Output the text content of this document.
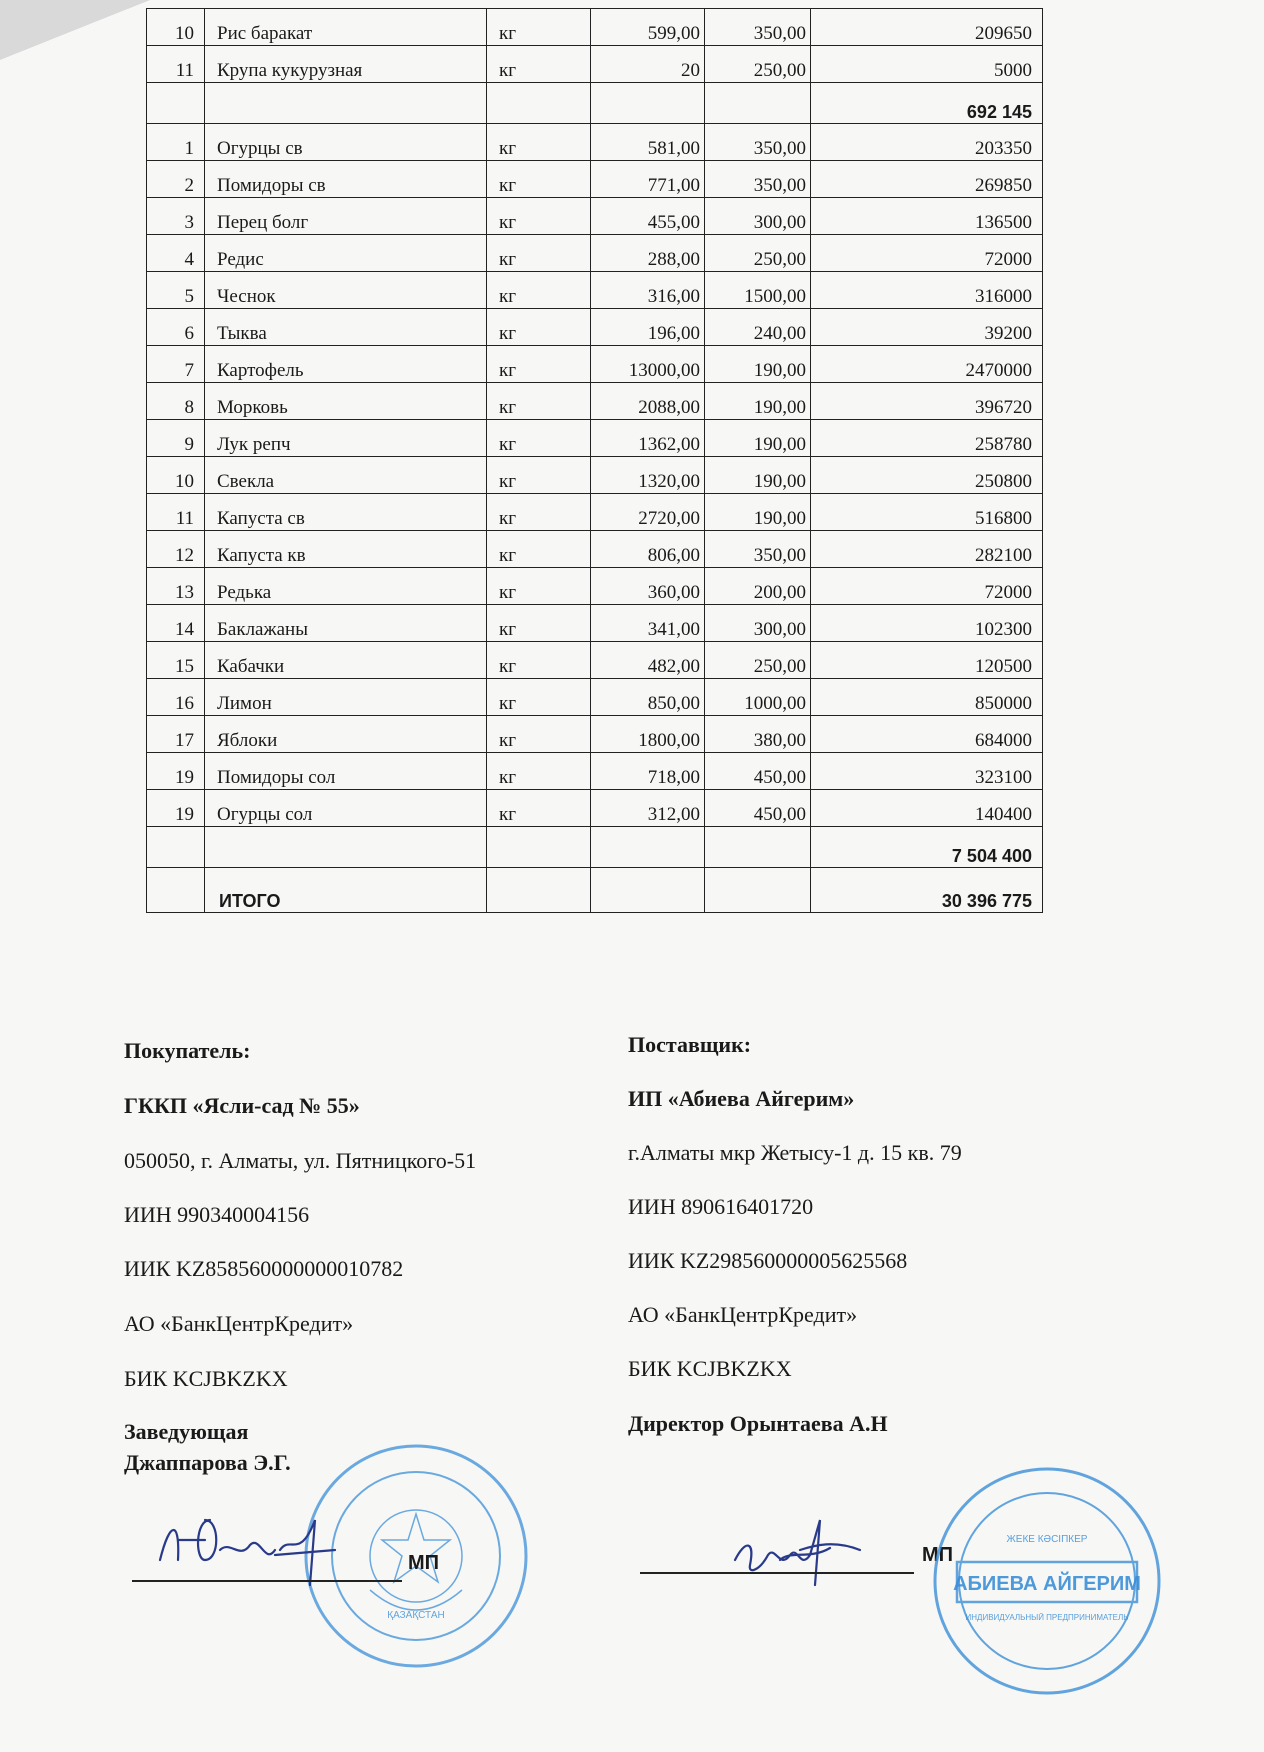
10	Рис баракат	кг	599,00	350,00	209650
11	Крупа кукурузная	кг	20	250,00	5000
					692 145
1	Огурцы св	кг	581,00	350,00	203350
2	Помидоры св	кг	771,00	350,00	269850
3	Перец болг	кг	455,00	300,00	136500
4	Редис	кг	288,00	250,00	72000
5	Чеснок	кг	316,00	1500,00	316000
6	Тыква	кг	196,00	240,00	39200
7	Картофель	кг	13000,00	190,00	2470000
8	Морковь	кг	2088,00	190,00	396720
9	Лук репч	кг	1362,00	190,00	258780
10	Свекла	кг	1320,00	190,00	250800
11	Капуста св	кг	2720,00	190,00	516800
12	Капуста кв	кг	806,00	350,00	282100
13	Редька	кг	360,00	200,00	72000
14	Баклажаны	кг	341,00	300,00	102300
15	Кабачки	кг	482,00	250,00	120500
16	Лимон	кг	850,00	1000,00	850000
17	Яблоки	кг	1800,00	380,00	684000
19	Помидоры сол	кг	718,00	450,00	323100
19	Огурцы сол	кг	312,00	450,00	140400
					7 504 400
	ИТОГО				30 396 775
Покупатель:
ГККП «Ясли-сад № 55»
050050, г. Алматы, ул. Пятницкого-51
ИИН 990340004156
ИИК KZ858560000000010782
АО «БанкЦентрКредит»
БИК KCJBKZKX
Заведующая
Джаппарова Э.Г.
Поставщик:
ИП «Абиева Айгерим»
г.Алматы мкр Жетысу-1 д. 15 кв. 79
ИИН 890616401720
ИИК KZ298560000005625568
АО «БанкЦентрКредит»
БИК KCJBKZKX
Директор Орынтаева А.Н
ҚАЗАҚСТАН
МП	МП
ЖЕКЕ КӘСІПКЕР
АБИЕВА АЙГЕРИМ
ИНДИВИДУАЛЬНЫЙ ПРЕДПРИНИМАТЕЛЬ
